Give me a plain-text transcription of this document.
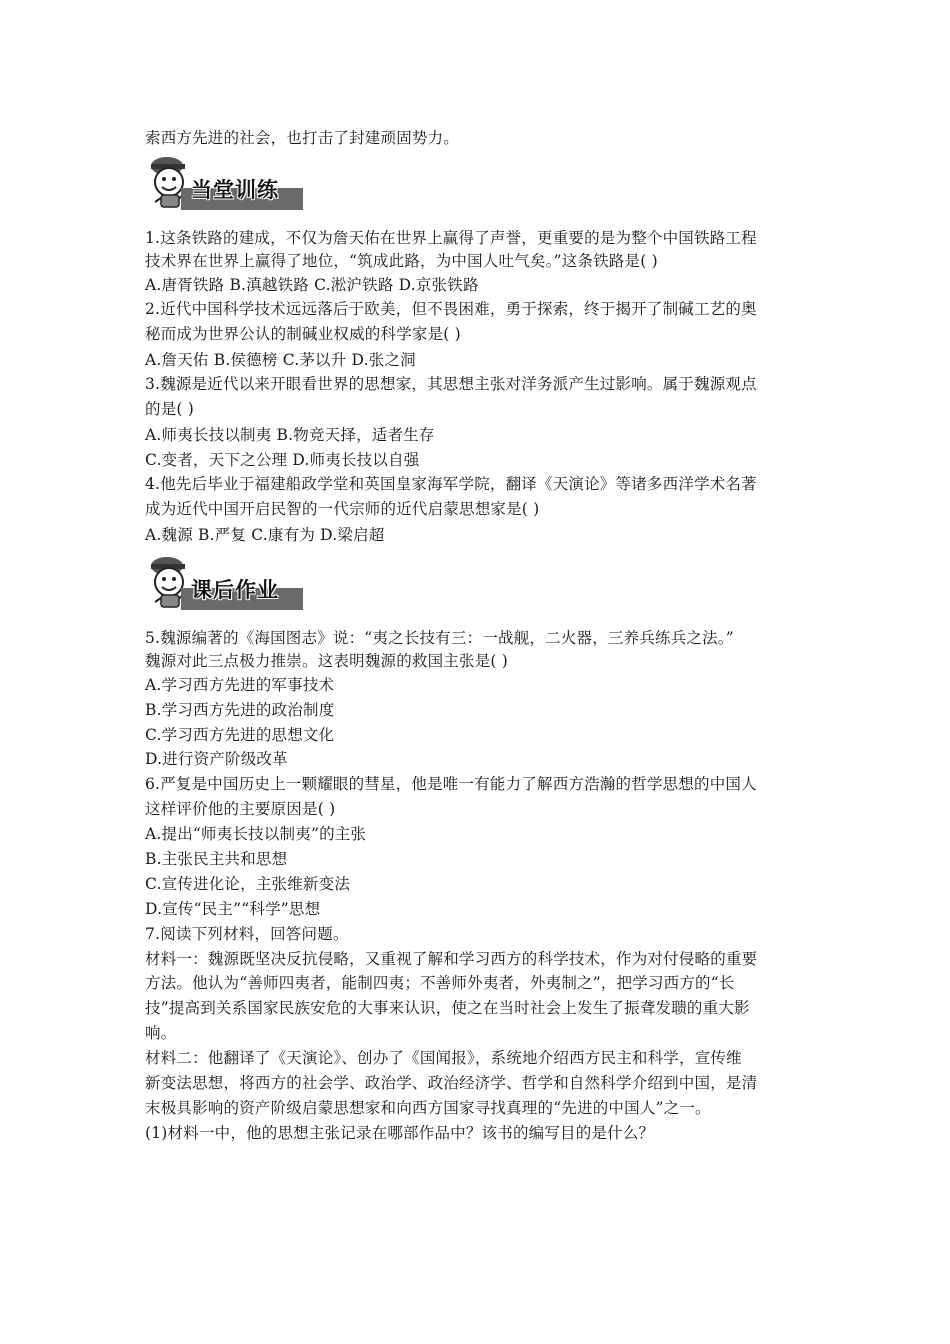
索西方先进的社会，也打击了封建顽固势力。
当堂训练
1.这条铁路的建成，不仅为詹天佑在世界上赢得了声誉，更重要的是为整个中国铁路工程
技术界在世界上赢得了地位，“筑成此路，为中国人吐气矣。”这条铁路是( )
A.唐胥铁路 B.滇越铁路 C.淞沪铁路 D.京张铁路
2.近代中国科学技术远远落后于欧美，但不畏困难，勇于探索，终于揭开了制碱工艺的奥
秘而成为世界公认的制碱业权威的科学家是( )
A.詹天佑 B.侯德榜 C.茅以升 D.张之洞
3.魏源是近代以来开眼看世界的思想家，其思想主张对洋务派产生过影响。属于魏源观点
的是( )
A.师夷长技以制夷 B.物竞天择，适者生存
C.变者，天下之公理 D.师夷长技以自强
4.他先后毕业于福建船政学堂和英国皇家海军学院，翻译《天演论》等诸多西洋学术名著
成为近代中国开启民智的一代宗师的近代启蒙思想家是( )
A.魏源 B.严复 C.康有为 D.梁启超
课后作业
5.魏源编著的《海国图志》说：“夷之长技有三：一战舰，二火器，三养兵练兵之法。”
魏源对此三点极力推崇。这表明魏源的救国主张是( )
A.学习西方先进的军事技术
B.学习西方先进的政治制度
C.学习西方先进的思想文化
D.进行资产阶级改革
6.严复是中国历史上一颗耀眼的彗星，他是唯一有能力了解西方浩瀚的哲学思想的中国人
这样评价他的主要原因是( )
A.提出“师夷长技以制夷”的主张
B.主张民主共和思想
C.宣传进化论，主张维新变法
D.宣传“民主”“科学”思想
7.阅读下列材料，回答问题。
材料一：魏源既坚决反抗侵略，又重视了解和学习西方的科学技术，作为对付侵略的重要
方法。他认为“善师四夷者，能制四夷；不善师外夷者，外夷制之”，把学习西方的“长
技”提高到关系国家民族安危的大事来认识，使之在当时社会上发生了振聋发聩的重大影
响。
材料二：他翻译了《天演论》、创办了《国闻报》，系统地介绍西方民主和科学，宣传维
新变法思想，将西方的社会学、政治学、政治经济学、哲学和自然科学介绍到中国，是清
末极具影响的资产阶级启蒙思想家和向西方国家寻找真理的“先进的中国人”之一。
(1)材料一中，他的思想主张记录在哪部作品中？该书的编写目的是什么？
